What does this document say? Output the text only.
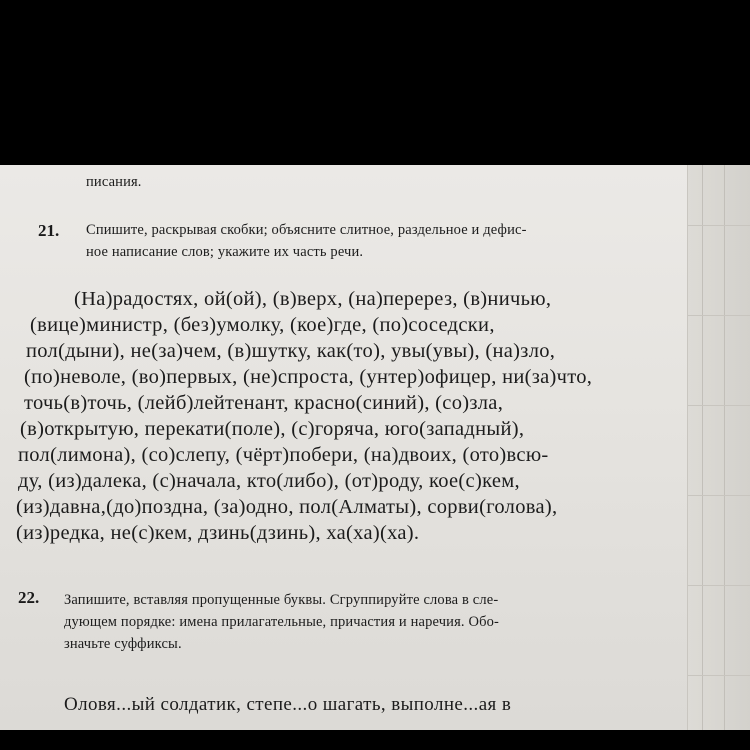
писания.
21. Спишите, раскрывая скобки; объясните слитное, раздельное и дефис-
ное написание слов; укажите их часть речи.
(На)радостях, ой(ой), (в)верх, (на)перерез, (в)ничью,
(вице)министр, (без)умолку, (кое)где, (по)соседски,
пол(дыни), не(за)чем, (в)шутку, как(то), увы(увы), (на)зло,
(по)неволе, (во)первых, (не)спроста, (унтер)офицер, ни(за)что,
точь(в)точь, (лейб)лейтенант, красно(синий), (со)зла,
(в)открытую, перекати(поле), (с)горяча, юго(западный),
пол(лимона), (со)слепу, (чёрт)побери, (на)двоих, (ото)всю-
ду, (из)далека, (с)начала, кто(либо), (от)роду, кое(с)кем,
(из)давна,(до)поздна, (за)одно, пол(Алматы), сорви(голова),
(из)редка, не(с)кем, дзинь(дзинь), ха(ха)(ха).
22. Запишите, вставляя пропущенные буквы. Сгруппируйте слова в сле-
дующем порядке: имена прилагательные, причастия и наречия. Обо-
значьте суффиксы.
Оловя...ый солдатик, степе...о шагать, выполне...ая в
